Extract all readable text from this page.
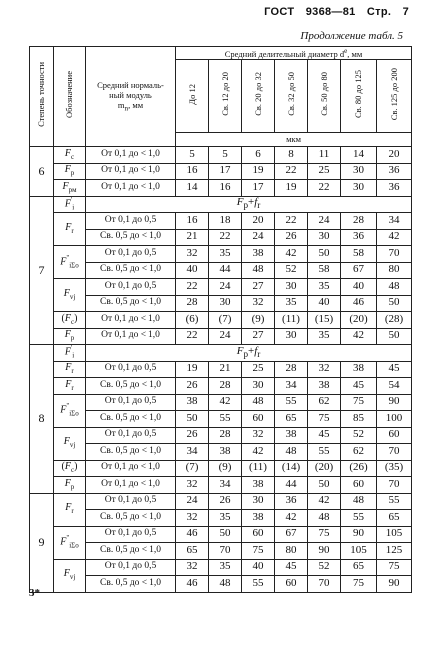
ГОСТ 9368—81 Стр. 7
Продолжение табл. 5
Степень точности	Обозначение	Средний нормаль-
ный модуль
$m_n$, мм	Средний делительный диаметр $d^e$, мм						
			До 12	Св. 12 до 20	Св. 20 до 32	Св. 32 до 50	Св. 50 до 80	Св. 80 до 125	Св. 125 до 200
			мкм						
6	$F_c$	От 0,1 до < 1,0	5	5	6	8	11	14	20
	$F_p$	От 0,1 до < 1,0	16	17	19	22	25	30	36
	$F_{pм}$	От 0,1 до < 1,0	14	16	17	19	22	30	36
7	$F'_i$	$F_p+f_r$
	$F_r$	От 0,1 до 0,5	16	18	20	22	24	28	34
		Св. 0,5 до < 1,0	21	22	24	26	30	36	42
	$F^"_{i\Sigma o}$	От 0,1 до 0,5	32	35	38	42	50	58	70
		Св. 0,5 до < 1,0	40	44	48	52	58	67	80
	$F_{vj}$	От 0,1 до 0,5	22	24	27	30	35	40	48
		Св. 0,5 до < 1,0	28	30	32	35	40	46	50
	$(F_c)$	От 0,1 до < 1,0	(6)	(7)	(9)	(11)	(15)	(20)	(28)
	$F_p$	От 0,1 до < 1,0	22	24	27	30	35	42	50
8	$F'_i$	$F_p+f_r$
	$F_r$	От 0,1 до 0,5	19	21	25	28	32	38	45
	$F_r$	Св. 0,5 до < 1,0	26	28	30	34	38	45	54
	$F^"_{i\Sigma o}$	От 0,1 до 0,5	38	42	48	55	62	75	90
		Св. 0,5 до < 1,0	50	55	60	65	75	85	100
	$F_{vj}$	От 0,1 до 0,5	26	28	32	38	45	52	60
		Св. 0,5 до < 1,0	34	38	42	48	55	62	70
	$(F_c)$	От 0,1 до < 1,0	(7)	(9)	(11)	(14)	(20)	(26)	(35)
	$F_p$	От 0,1 до < 1,0	32	34	38	44	50	60	70
9	$F_r$	От 0,1 до 0,5	24	26	30	36	42	48	55
		Св. 0,5 до < 1,0	32	35	38	42	48	55	65
	$F^"_{i\Sigma o}$	От 0,1 до 0,5	46	50	60	67	75	90	105
		Св. 0,5 до < 1,0	65	70	75	80	90	105	125
	$F_{vj}$	От 0,1 до 0,5	32	35	40	45	52	65	75
		Св. 0,5 до < 1,0	46	48	55	60	70	75	90
3*
